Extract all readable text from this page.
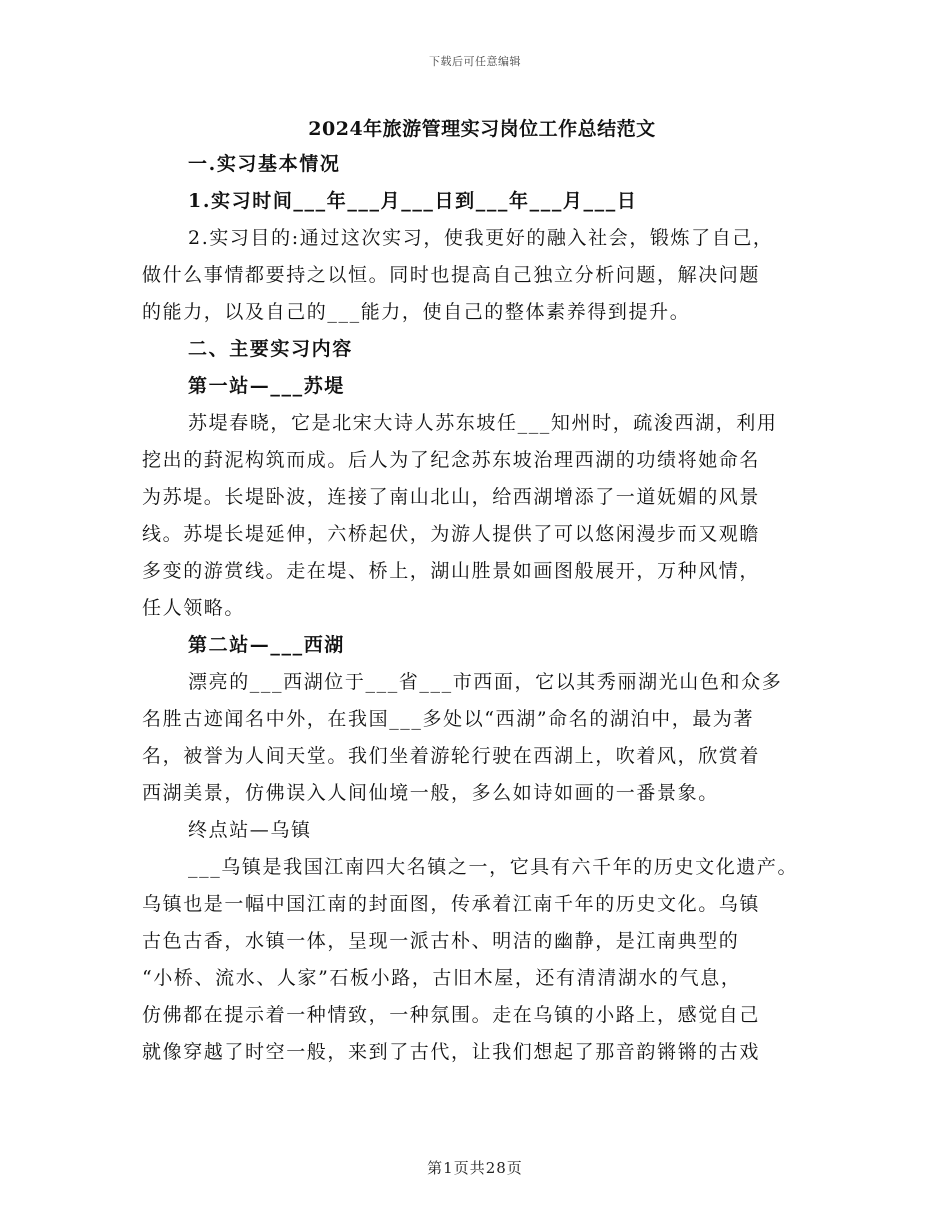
下载后可任意编辑
2024年旅游管理实习岗位工作总结范文
一.实习基本情况
1.实习时间___年___月___日到___年___月___日
2.实习目的:通过这次实习，使我更好的融入社会，锻炼了自己，
做什么事情都要持之以恒。同时也提高自己独立分析问题，解决问题
的能力，以及自己的___能力，使自己的整体素养得到提升。
二、主要实习内容
第一站—___苏堤
苏堤春晓，它是北宋大诗人苏东坡任___知州时，疏浚西湖，利用
挖出的葑泥构筑而成。后人为了纪念苏东坡治理西湖的功绩将她命名
为苏堤。长堤卧波，连接了南山北山，给西湖增添了一道妩媚的风景
线。苏堤长堤延伸，六桥起伏，为游人提供了可以悠闲漫步而又观瞻
多变的游赏线。走在堤、桥上，湖山胜景如画图般展开，万种风情，
任人领略。
第二站—___西湖
漂亮的___西湖位于___省___市西面，它以其秀丽湖光山色和众多
名胜古迹闻名中外，在我国___多处以“西湖”命名的湖泊中，最为著
名，被誉为人间天堂。我们坐着游轮行驶在西湖上，吹着风，欣赏着
西湖美景，仿佛误入人间仙境一般，多么如诗如画的一番景象。
终点站—乌镇
___乌镇是我国江南四大名镇之一，它具有六千年的历史文化遗产。
乌镇也是一幅中国江南的封面图，传承着江南千年的历史文化。乌镇
古色古香，水镇一体，呈现一派古朴、明洁的幽静，是江南典型的
“小桥、流水、人家”石板小路，古旧木屋，还有清清湖水的气息，
仿佛都在提示着一种情致，一种氛围。走在乌镇的小路上，感觉自己
就像穿越了时空一般，来到了古代，让我们想起了那音韵锵锵的古戏
第1页共28页
